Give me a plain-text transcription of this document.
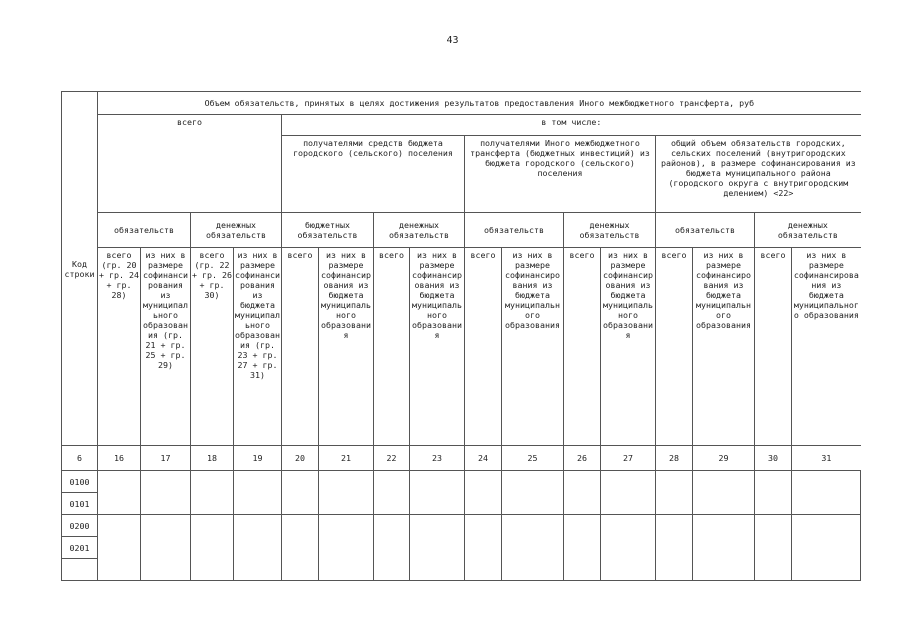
43
Код строки	Объем обязательств, принятых в целях достижения результатов предоставления Иного межбюджетного трансферта, руб															
	всего				в том числе:											
					получателями средств бюджета городского (сельского) поселения				получателями Иного межбюджетного трансферта (бюджетных инвестиций) из бюджета городского (сельского) поселения				общий объем обязательств городских, сельских поселений (внутригородских районов), в размере софинансирования из бюджета муниципального района (городского округа с внутригородским делением) <22>			
	обязательств		денежных обязательств		бюджетных обязательств		денежных обязательств		обязательств		денежных обязательств		обязательств		денежных обязательств	
	всего (гр. 20 + гр. 24 + гр. 28)	из них в размере софинансирования из муниципального образования (гр. 21 + гр. 25 + гр. 29)	всего (гр. 22 + гр. 26 + гр. 30)	из них в размере софинансирования из бюджета муниципального образования (гр. 23 + гр. 27 + гр. 31)	всего	из них в размере софинансирования из бюджета муниципального образования	всего	из них в размере софинансирования из бюджета муниципального образования	всего	из них в размере софинансирования из бюджета муниципального образования	всего	из них в размере софинансирования из бюджета муниципального образования	всего	из них в размере софинансирования из бюджета муниципального образования	всего	из них в размере софинансирования из бюджета муниципального образования
6	16	17	18	19	20	21	22	23	24	25	26	27	28	29	30	31
0100																
0101																
0200																
0201																
